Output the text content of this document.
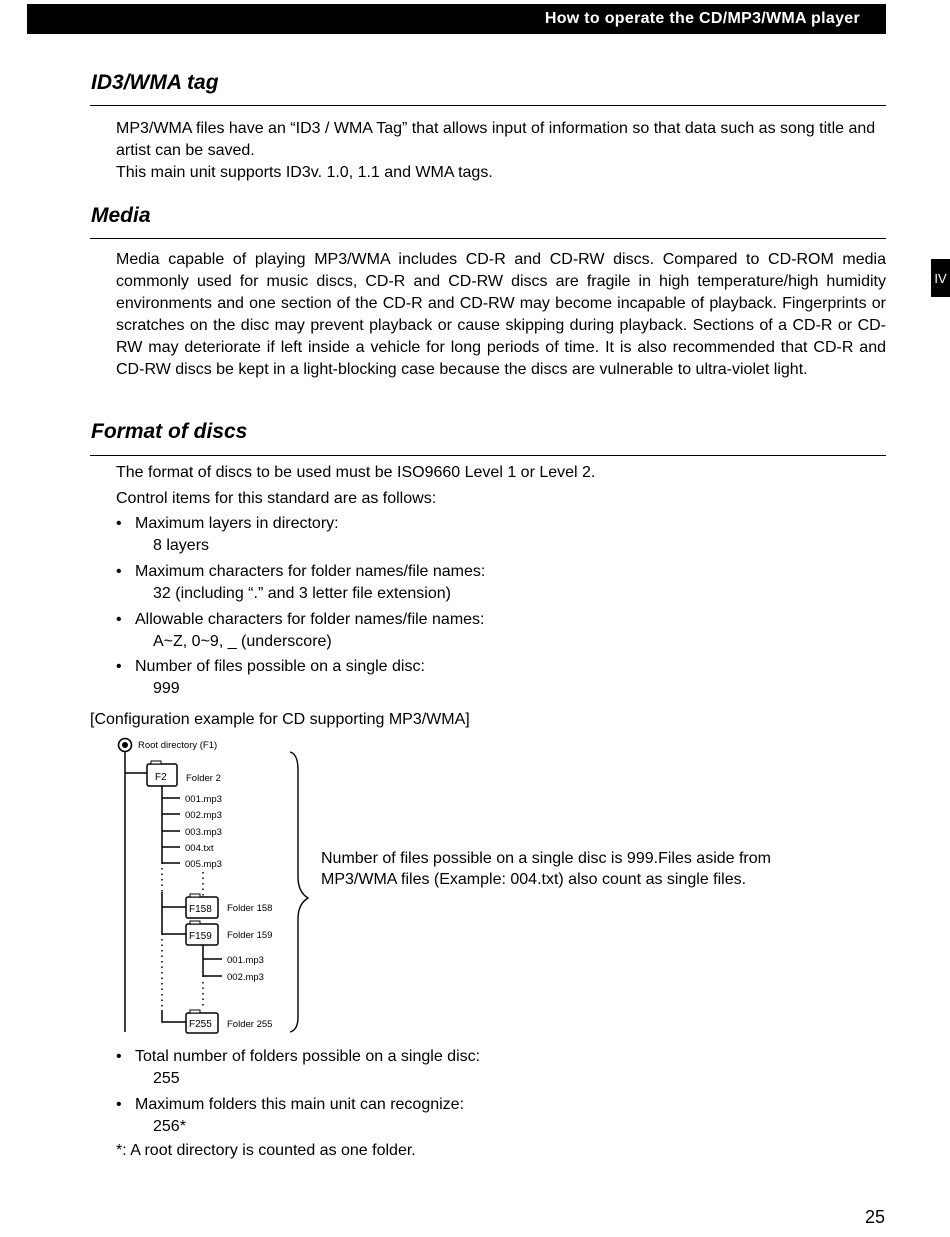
How to operate the CD/MP3/WMA player
IV
ID3/WMA tag
MP3/WMA files have an “ID3 / WMA Tag” that allows input of information so that data such as song title and artist can be saved.
This main unit supports ID3v. 1.0, 1.1 and WMA tags.
Media
Media capable of playing MP3/WMA includes CD-R and CD-RW discs. Compared to CD-ROM media commonly used for music discs, CD-R and CD-RW discs are fragile in high temperature/high humidity environments and one section of the CD-R and CD-RW may become incapable of playback. Fingerprints or scratches on the disc may prevent playback or cause skipping during playback. Sections of a CD-R or CD-RW may deteriorate if left inside a vehicle for long periods of time. It is also recommended that CD-R and CD-RW discs be kept in a light-blocking case because the discs are vulnerable to ultra-violet light.
Format of discs
The format of discs to be used must be ISO9660 Level 1 or Level 2.
Control items for this standard are as follows:
• Maximum layers in directory:
8 layers
• Maximum characters for folder names/file names:
32 (including “.” and 3 letter file extension)
• Allowable characters for folder names/file names:
A~Z, 0~9, _ (underscore)
• Number of files possible on a single disc:
999
[Configuration example for CD supporting MP3/WMA]
Root directory (F1)
F2 Folder 2
001.mp3
002.mp3
003.mp3
004.txt
005.mp3
F158 Folder 158
F159 Folder 159
001.mp3
002.mp3
F255 Folder 255
Number of files possible on a single disc is 999.Files aside from MP3/WMA files (Example: 004.txt) also count as single files.
• Total number of folders possible on a single disc:
255
• Maximum folders this main unit can recognize:
256*
*: A root directory is counted as one folder.
25
